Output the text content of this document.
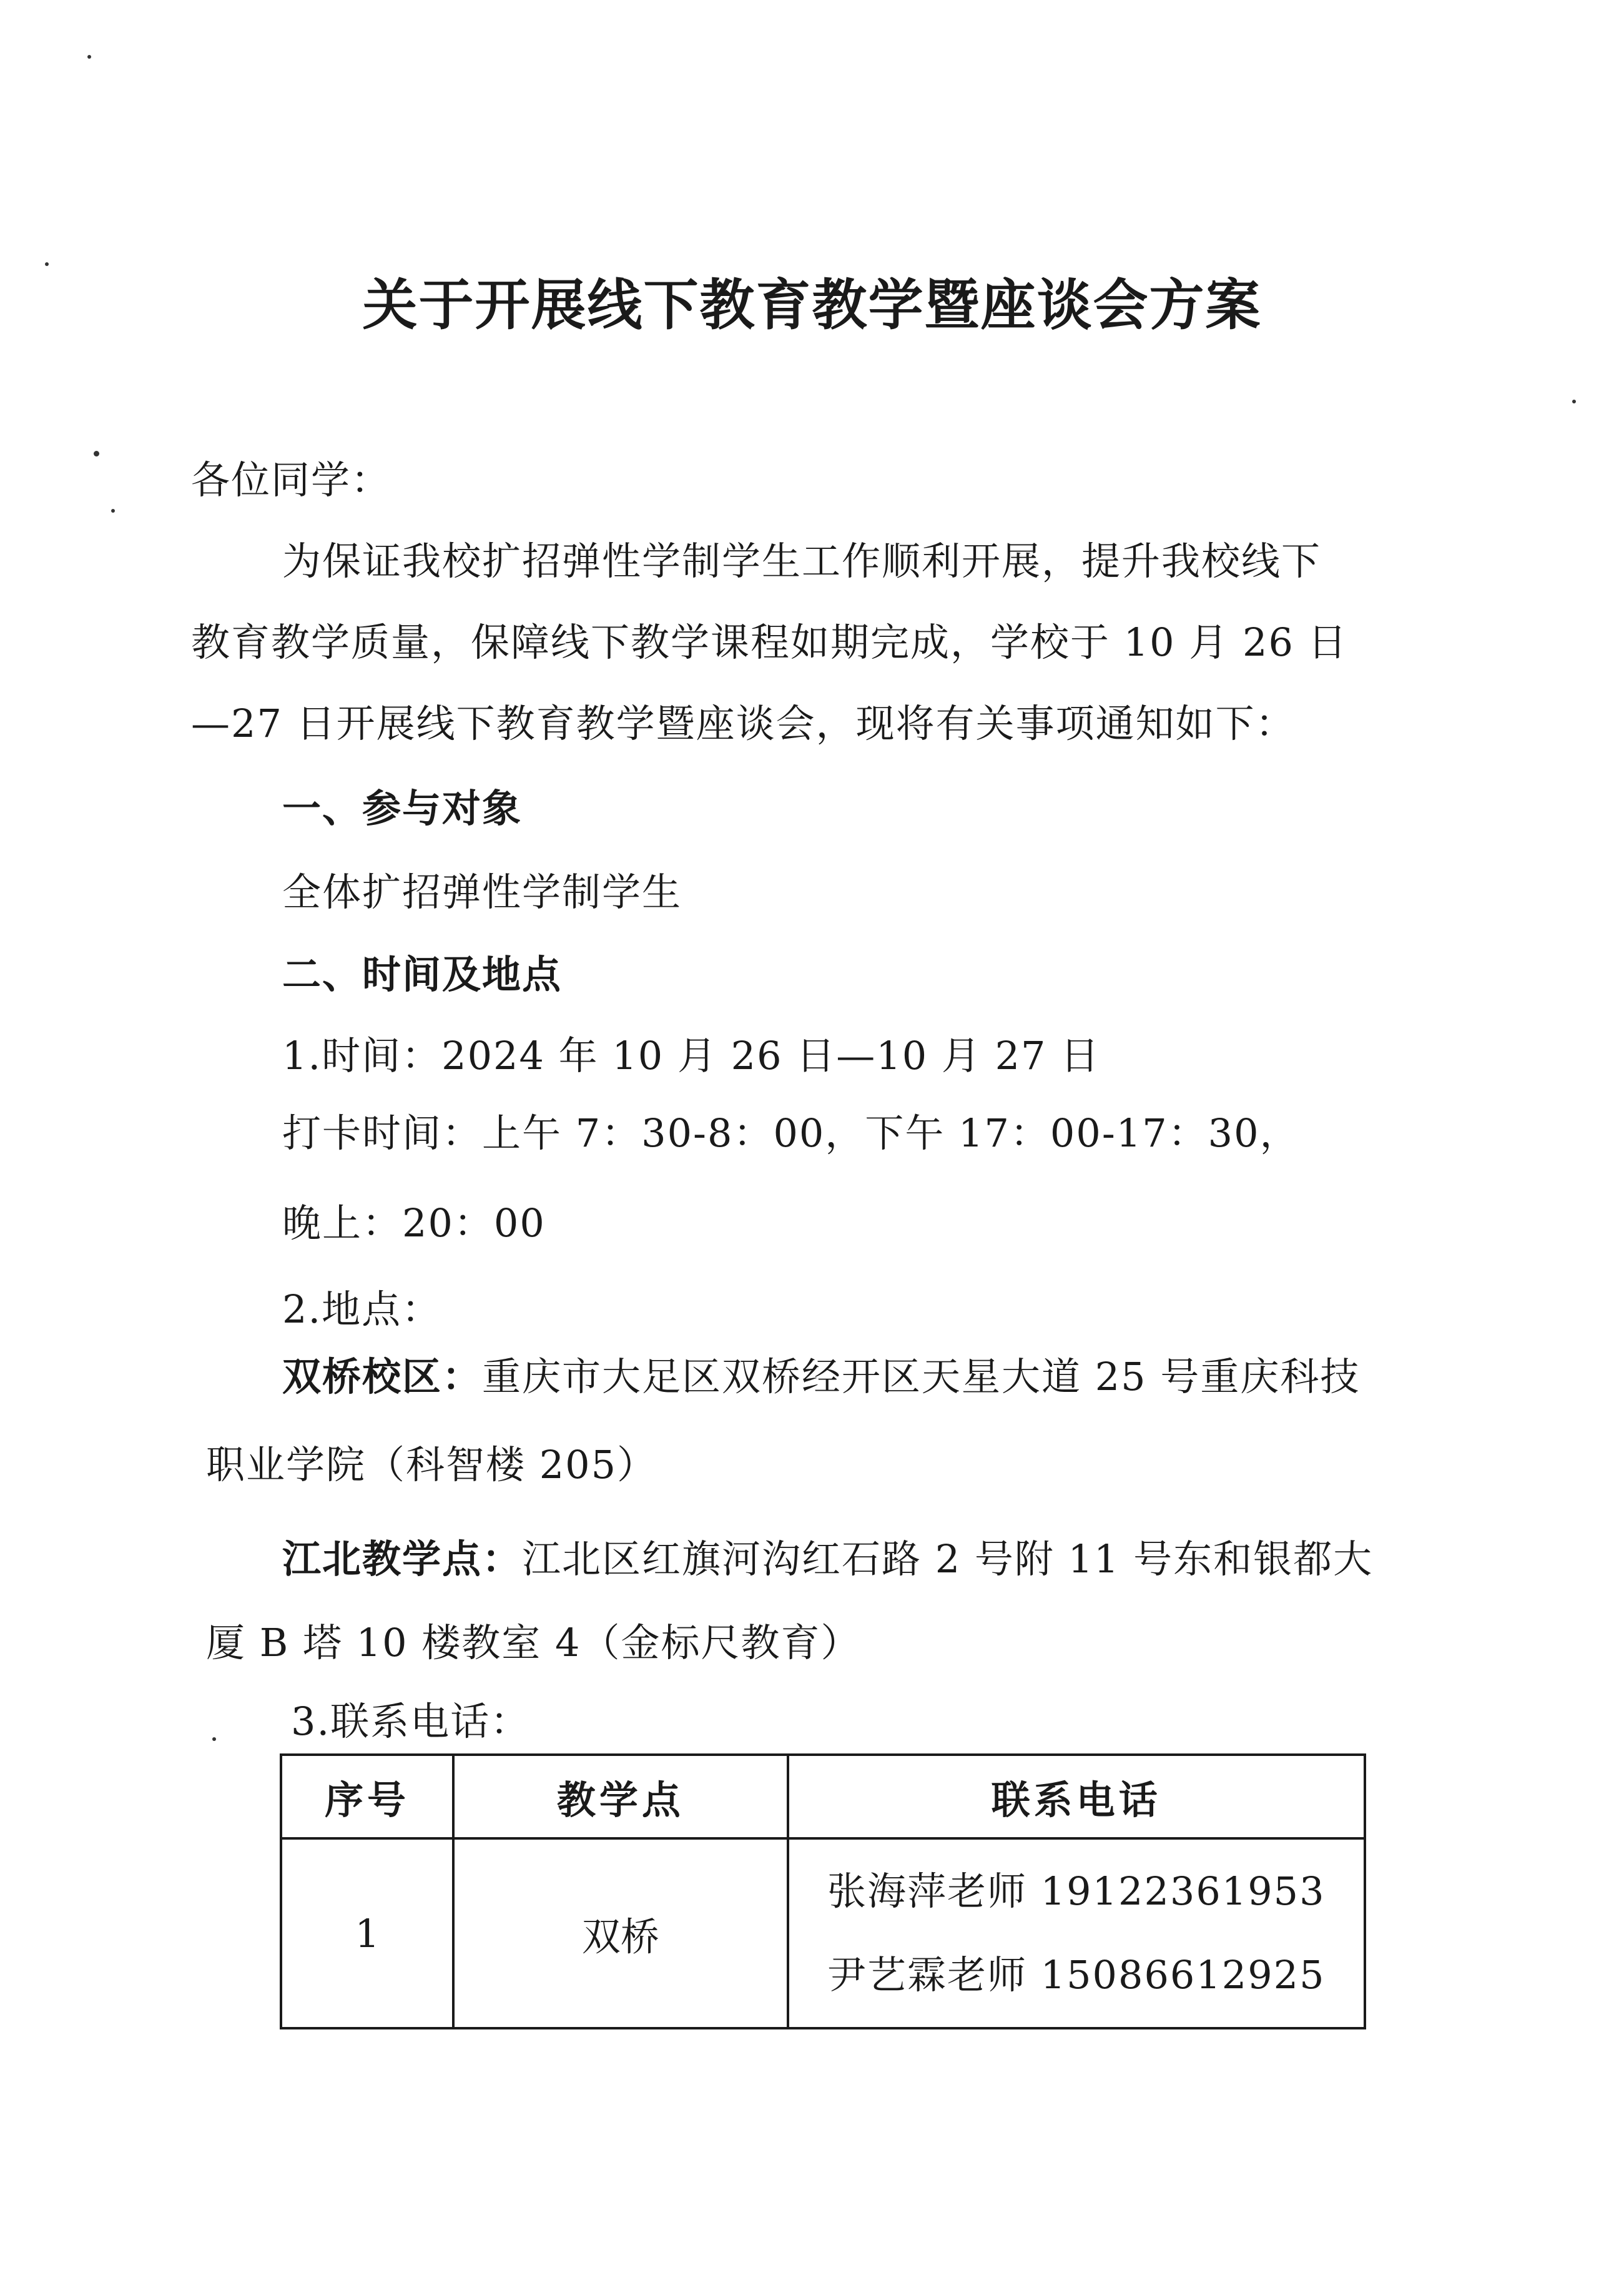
关于开展线下教育教学暨座谈会方案
各位同学：
为保证我校扩招弹性学制学生工作顺利开展，提升我校线下
教育教学质量，保障线下教学课程如期完成，学校于 10 月 26 日
—27 日开展线下教育教学暨座谈会，现将有关事项通知如下：
一、参与对象
全体扩招弹性学制学生
二、时间及地点
1.时间：2024 年 10 月 26 日—10 月 27 日
打卡时间：上午 7：30-8：00，下午 17：00-17：30，
晚上：20：00
2.地点：
双桥校区：重庆市大足区双桥经开区天星大道 25 号重庆科技
职业学院（科智楼 205）
江北教学点：江北区红旗河沟红石路 2 号附 11 号东和银都大
厦 B 塔 10 楼教室 4（金标尺教育）
3.联系电话：
序号	教学点	联系电话
1	双桥	张海萍老师 19122361953
尹艺霖老师 15086612925
